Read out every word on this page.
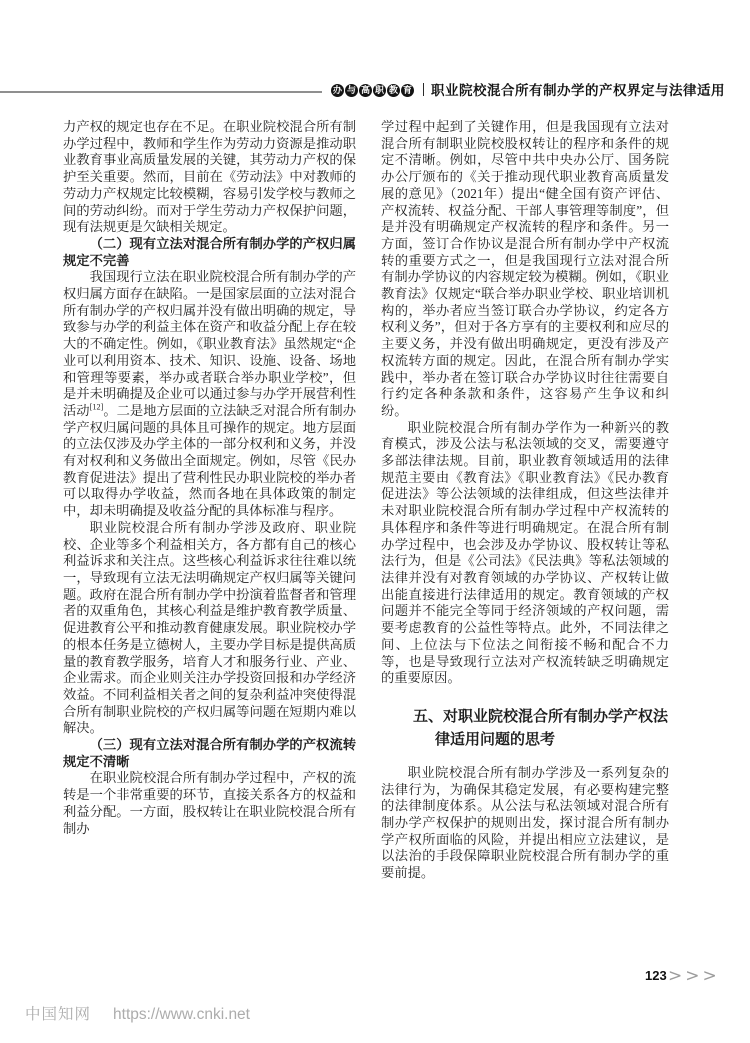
办 与 高 职 教 育 职业院校混合所有制办学的产权界定与法律适用

力产权的规定也存在不足。在职业院校混合所有制办学过程中，教师和学生作为劳动力资源是推动职业教育事业高质量发展的关键，其劳动力产权的保护至关重要。然而，目前在《劳动法》中对教师的劳动力产权规定比较模糊，容易引发学校与教师之间的劳动纠纷。而对于学生劳动力产权保护问题，现有法规更是欠缺相关规定。

（二）现有立法对混合所有制办学的产权归属规定不完善

我国现行立法在职业院校混合所有制办学的产权归属方面存在缺陷。一是国家层面的立法对混合所有制办学的产权归属并没有做出明确的规定，导致参与办学的利益主体在资产和收益分配上存在较大的不确定性。例如，《职业教育法》虽然规定“企业可以利用资本、技术、知识、设施、设备、场地和管理等要素，举办或者联合举办职业学校”，但是并未明确提及企业可以通过参与办学开展营利性活动[12]。二是地方层面的立法缺乏对混合所有制办学产权归属问题的具体且可操作的规定。地方层面的立法仅涉及办学主体的一部分权利和义务，并没有对权利和义务做出全面规定。例如，尽管《民办教育促进法》提出了营利性民办职业院校的举办者可以取得办学收益，然而各地在具体政策的制定中，却未明确提及收益分配的具体标准与程序。

职业院校混合所有制办学涉及政府、职业院校、企业等多个利益相关方，各方都有自己的核心利益诉求和关注点。这些核心利益诉求往往难以统一，导致现有立法无法明确规定产权归属等关键问题。政府在混合所有制办学中扮演着监督者和管理者的双重角色，其核心利益是维护教育教学质量、促进教育公平和推动教育健康发展。职业院校办学的根本任务是立德树人，主要办学目标是提供高质量的教育教学服务，培育人才和服务行业、产业、企业需求。而企业则关注办学投资回报和办学经济效益。不同利益相关者之间的复杂利益冲突使得混合所有制职业院校的产权归属等问题在短期内难以解决。

（三）现有立法对混合所有制办学的产权流转规定不清晰

在职业院校混合所有制办学过程中，产权的流转是一个非常重要的环节，直接关系各方的权益和利益分配。一方面，股权转让在职业院校混合所有制办

学过程中起到了关键作用，但是我国现有立法对混合所有制职业院校股权转让的程序和条件的规定不清晰。例如，尽管中共中央办公厅、国务院办公厅颁布的《关于推动现代职业教育高质量发展的意见》（2021年）提出“健全国有资产评估、产权流转、权益分配、干部人事管理等制度”，但是并没有明确规定产权流转的程序和条件。另一方面，签订合作协议是混合所有制办学中产权流转的重要方式之一，但是我国现行立法对混合所有制办学协议的内容规定较为模糊。例如，《职业教育法》仅规定“联合举办职业学校、职业培训机构的，举办者应当签订联合办学协议，约定各方权利义务”，但对于各方享有的主要权利和应尽的主要义务，并没有做出明确规定，更没有涉及产权流转方面的规定。因此，在混合所有制办学实践中，举办者在签订联合办学协议时往往需要自行约定各种条款和条件，这容易产生争议和纠纷。

职业院校混合所有制办学作为一种新兴的教育模式，涉及公法与私法领域的交叉，需要遵守多部法律法规。目前，职业教育领域适用的法律规范主要由《教育法》《职业教育法》《民办教育促进法》等公法领域的法律组成，但这些法律并未对职业院校混合所有制办学过程中产权流转的具体程序和条件等进行明确规定。在混合所有制办学过程中，也会涉及办学协议、股权转让等私法行为，但是《公司法》《民法典》等私法领域的法律并没有对教育领域的办学协议、产权转让做出能直接进行法律适用的规定。教育领域的产权问题并不能完全等同于经济领域的产权问题，需要考虑教育的公益性等特点。此外，不同法律之间、上位法与下位法之间衔接不畅和配合不力等，也是导致现行立法对产权流转缺乏明确规定的重要原因。

五、对职业院校混合所有制办学产权法律适用问题的思考

职业院校混合所有制办学涉及一系列复杂的法律行为，为确保其稳定发展，有必要构建完整的法律制度体系。从公法与私法领域对混合所有制办学产权保护的规则出发，探讨混合所有制办学产权所面临的风险，并提出相应立法建议，是以法治的手段保障职业院校混合所有制办学的重要前提。

123 >>>
中国知网 https://www.cnki.net
